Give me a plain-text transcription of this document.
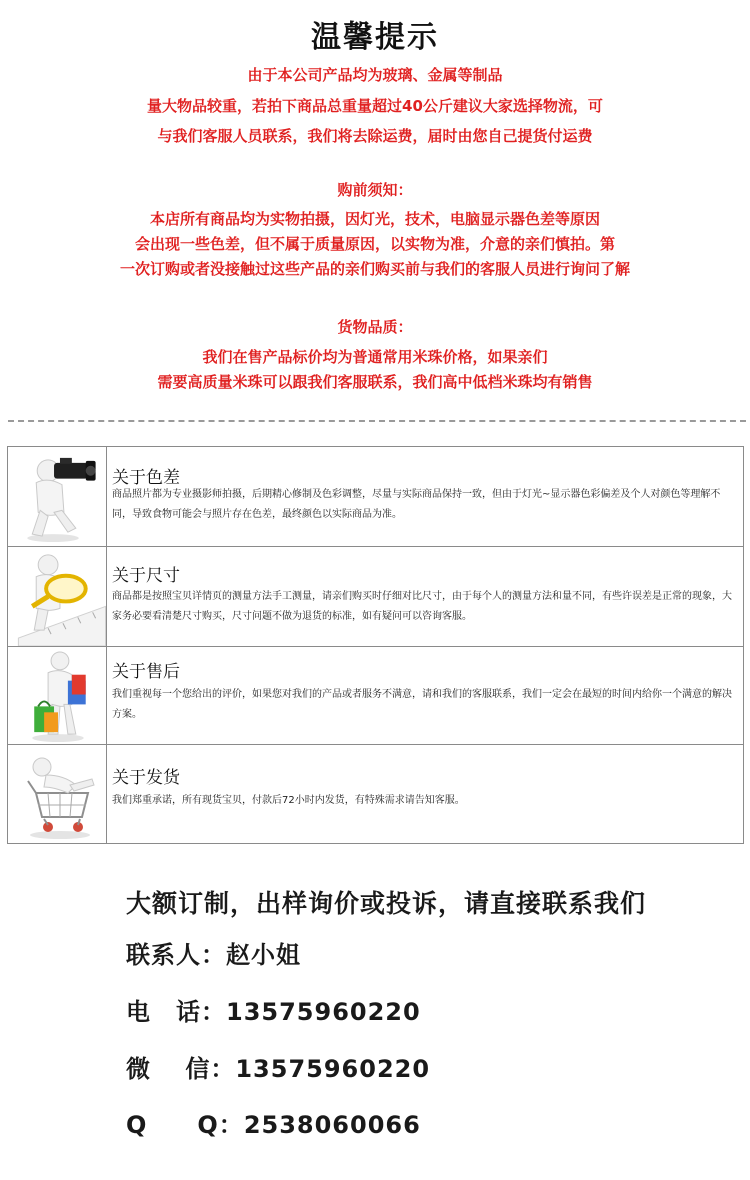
温馨提示
由于本公司产品均为玻璃、金属等制品
量大物品较重，若拍下商品总重量超过40公斤建议大家选择物流，可
与我们客服人员联系，我们将去除运费，届时由您自己提货付运费
购前须知：
本店所有商品均为实物拍摄，因灯光，技术，电脑显示器色差等原因
会出现一些色差，但不属于质量原因，以实物为准，介意的亲们慎拍。第
一次订购或者没接触过这些产品的亲们购买前与我们的客服人员进行询问了解
货物品质：
我们在售产品标价均为普通常用米珠价格，如果亲们
需要高质量米珠可以跟我们客服联系，我们高中低档米珠均有销售
关于色差
商品照片都为专业摄影师拍摄，后期精心修制及色彩调整，尽量与实际商品保持一致，但由于灯光~显示器色彩偏差及个人对颜色等理解不同，导致食物可能会与照片存在色差，最终颜色以实际商品为准。
关于尺寸
商品都是按照宝贝详情页的测量方法手工测量，请亲们购买时仔细对比尺寸，由于每个人的测量方法和量不同，有些许误差是正常的现象，大家务必要看清楚尺寸购买，尺寸问题不做为退货的标准，如有疑问可以咨询客服。
关于售后
我们重视每一个您给出的评价，如果您对我们的产品或者服务不满意，请和我们的客服联系，我们一定会在最短的时间内给你一个满意的解决方案。
关于发货
我们郑重承诺，所有现货宝贝，付款后72小时内发货，有特殊需求请告知客服。
大额订制，出样询价或投诉，请直接联系我们
联系人：赵小姐
电　话：13575960220
微　 信：13575960220
Q　　Q：2538060066
